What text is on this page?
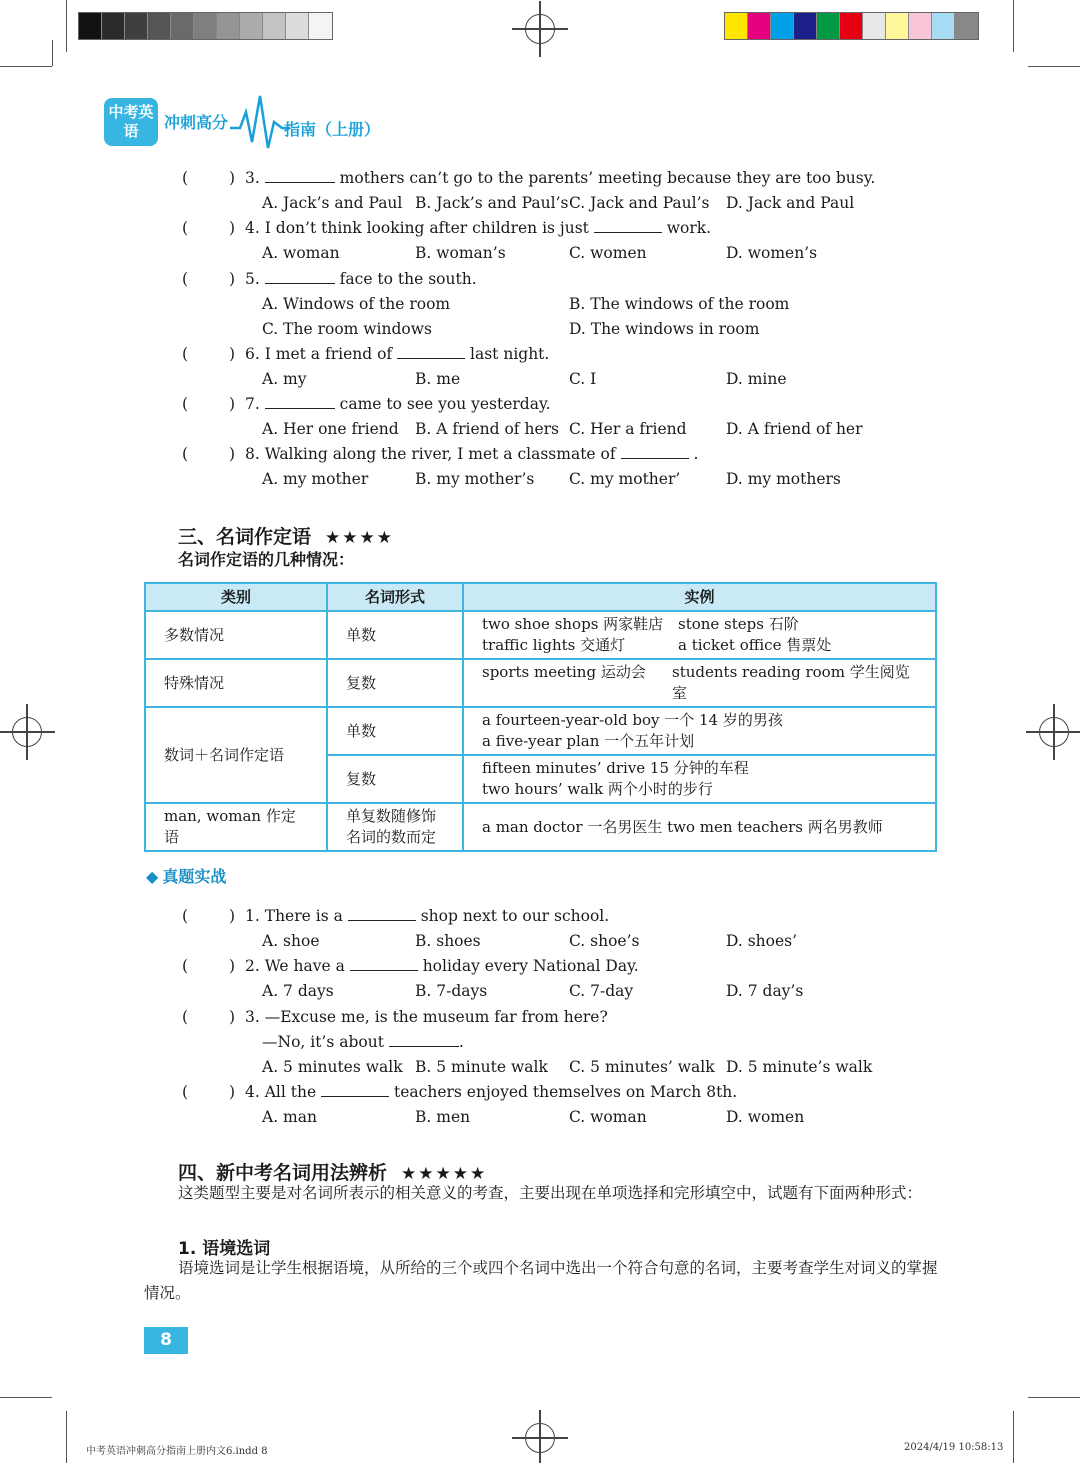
中考英语	冲刺高分	指南（上册）
(	) 3.	mothers can’t go to the parents’ meeting because they are too busy.
A. Jack’s and Paul B. Jack’s and Paul’s C. Jack and Paul’s D. Jack and Paul
(	) 4. I don’t think looking after children is just	work.
A. woman	B. woman’s	C. women	D. women’s
(	) 5.	face to the south.
A. Windows of the room	B. The windows of the room
C. The room windows	D. The windows in room
(	) 6. I met a friend of	last night.
A. my	B. me	C. I	D. mine
(	) 7.	came to see you yesterday.
A. Her one friend B. A friend of hers C. Her a friend	D. A friend of her
(	) 8. Walking along the river, I met a classmate of	.
A. my mother	B. my mother’s C. my mother’	D. my mothers
三、名词作定语 ★★★★
名词作定语的几种情况：
类别	名词形式	实例
多数情况	单数	two shoe shops 两家鞋店 stone steps 石阶
traffic lights 交通灯 a ticket office 售票处

特殊情况	复数	sports meeting 运动会 students reading room 学生阅览室

数词＋名词作定语	单数	a fourteen-year-old boy 一个 14 岁的男孩
a five-year plan 一个五年计划

	复数	fifteen minutes’ drive 15 分钟的车程
two hours’ walk 两个小时的步行

man, woman 作定语	单复数随修饰名词的数而定	a man doctor 一名男医生 two men teachers 两名男教师
◆ 真题实战
(	) 1. There is a	shop next to our school.
A. shoe	B. shoes	C. shoe’s	D. shoes’
(	) 2. We have a	holiday every National Day.
A. 7 days	B. 7-days	C. 7-day	D. 7 day’s
(	) 3. —Excuse me, is the museum far from here?
—No, it’s about	.
A. 5 minutes walk B. 5 minute walk C. 5 minutes’ walk D. 5 minute’s walk
(	) 4. All the	teachers enjoyed themselves on March 8th.
A. man	B. men	C. woman	D. women
四、新中考名词用法辨析 ★★★★★
这类题型主要是对名词所表示的相关意义的考查，主要出现在单项选择和完形填空中，试题有下面两种形式：
1. 语境选词
语境选词是让学生根据语境，从所给的三个或四个名词中选出一个符合句意的名词，主要考查学生对词义的掌握情况。
8
中考英语冲刺高分指南上册内文6.indd 8	2024/4/19 10:58:13
